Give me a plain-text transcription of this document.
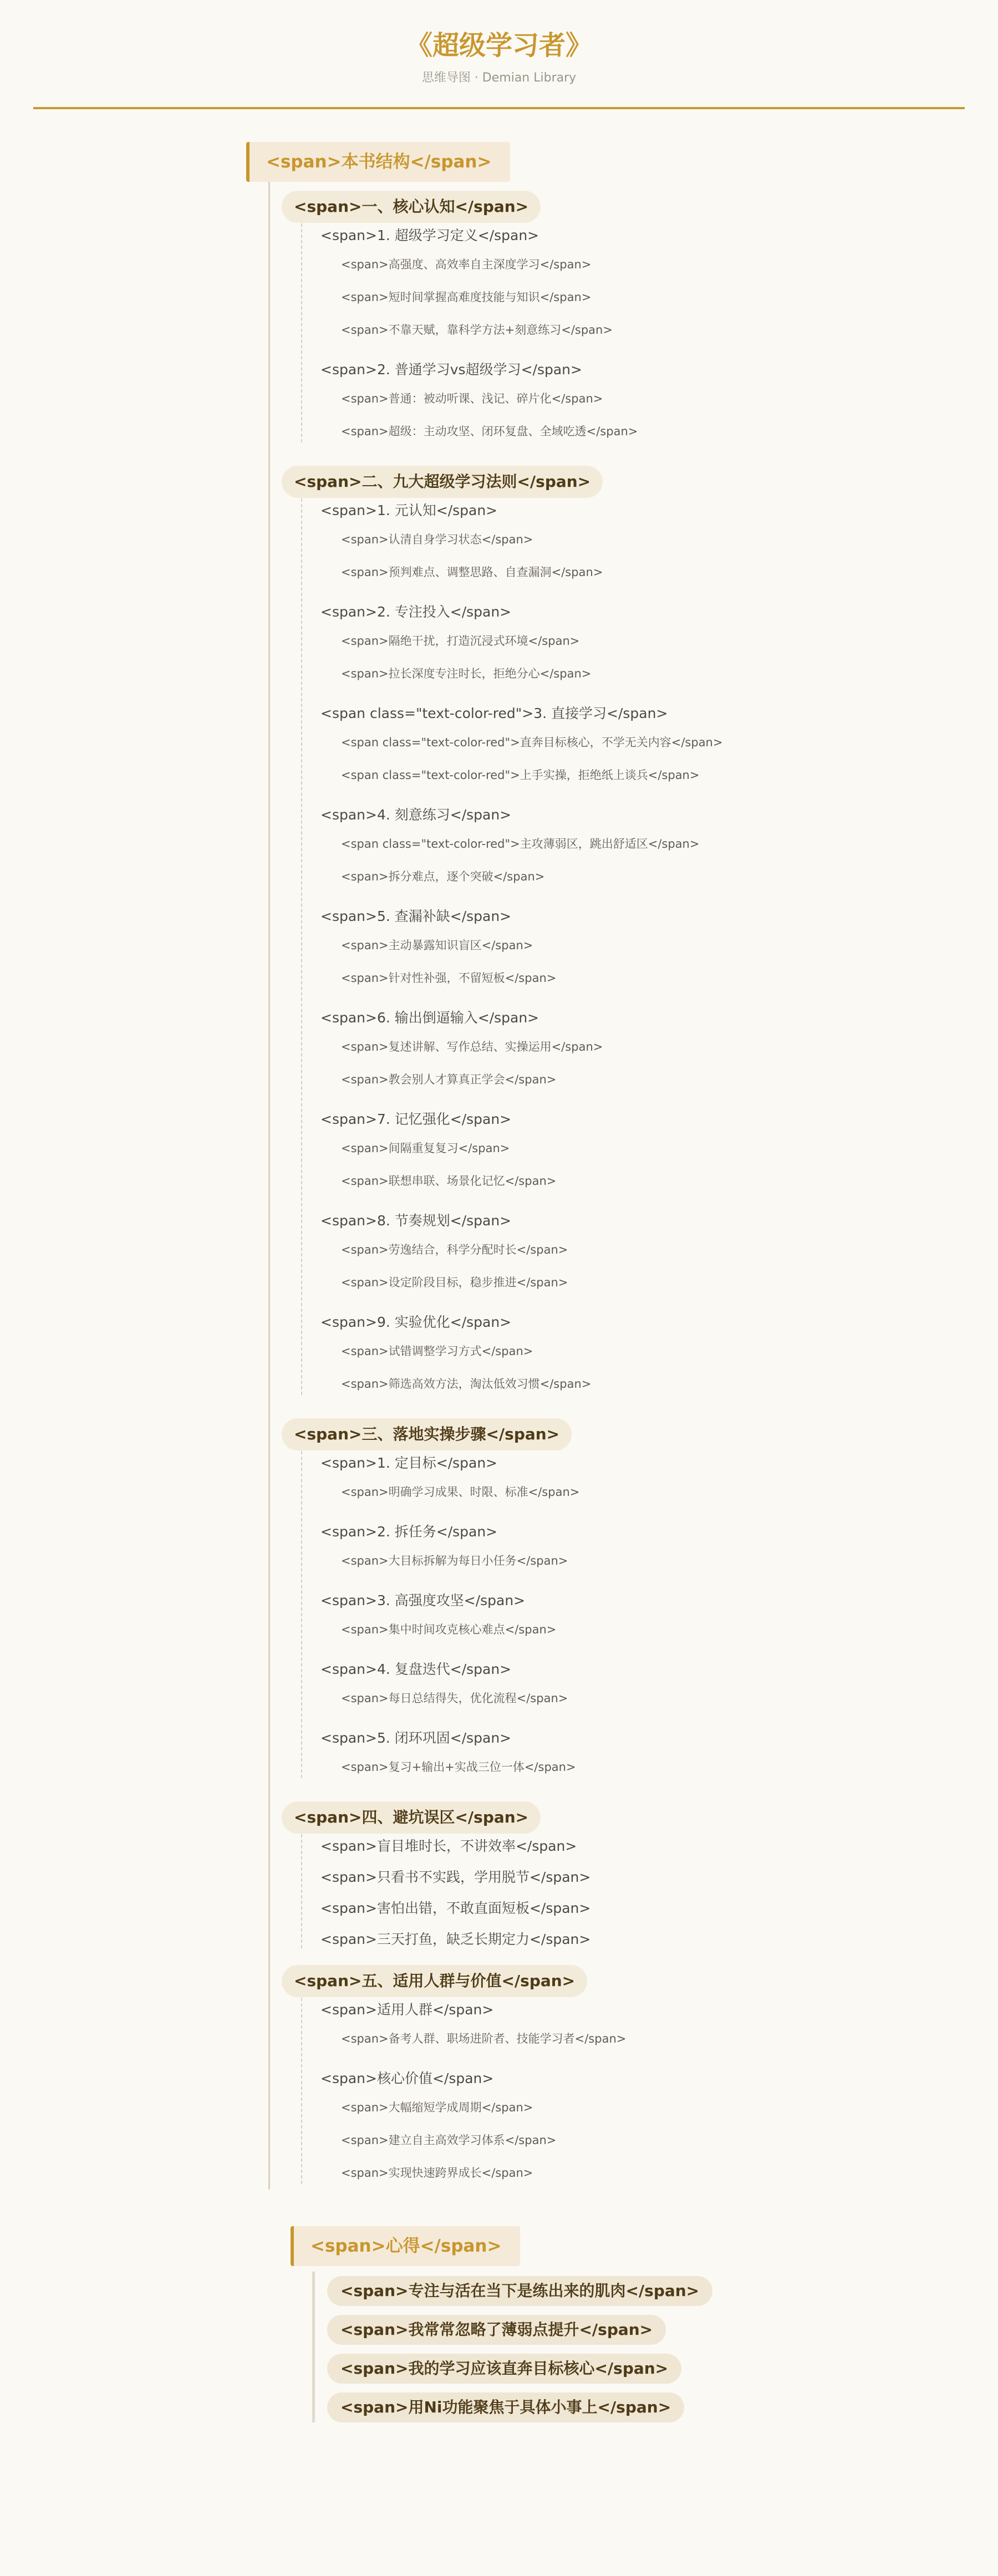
《超级学习者》
思维导图 · Demian Library
<span>本书结构</span>
<span>一、核心认知</span>
<span>1. 超级学习定义</span>
<span>高强度、高效率自主深度学习</span>
<span>短时间掌握高难度技能与知识</span>
<span>不靠天赋，靠科学方法+刻意练习</span>
<span>2. 普通学习vs超级学习</span>
<span>普通：被动听课、浅记、碎片化</span>
<span>超级：主动攻坚、闭环复盘、全域吃透</span>
<span>二、九大超级学习法则</span>
<span>1. 元认知</span>
<span>认清自身学习状态</span>
<span>预判难点、调整思路、自查漏洞</span>
<span>2. 专注投入</span>
<span>隔绝干扰，打造沉浸式环境</span>
<span>拉长深度专注时长，拒绝分心</span>
<span class="text-color-red">3. 直接学习</span>
<span class="text-color-red">直奔目标核心，不学无关内容</span>
<span class="text-color-red">上手实操，拒绝纸上谈兵</span>
<span>4. 刻意练习</span>
<span class="text-color-red">主攻薄弱区，跳出舒适区</span>
<span>拆分难点，逐个突破</span>
<span>5. 查漏补缺</span>
<span>主动暴露知识盲区</span>
<span>针对性补强，不留短板</span>
<span>6. 输出倒逼输入</span>
<span>复述讲解、写作总结、实操运用</span>
<span>教会别人才算真正学会</span>
<span>7. 记忆强化</span>
<span>间隔重复复习</span>
<span>联想串联、场景化记忆</span>
<span>8. 节奏规划</span>
<span>劳逸结合，科学分配时长</span>
<span>设定阶段目标，稳步推进</span>
<span>9. 实验优化</span>
<span>试错调整学习方式</span>
<span>筛选高效方法，淘汰低效习惯</span>
<span>三、落地实操步骤</span>
<span>1. 定目标</span>
<span>明确学习成果、时限、标准</span>
<span>2. 拆任务</span>
<span>大目标拆解为每日小任务</span>
<span>3. 高强度攻坚</span>
<span>集中时间攻克核心难点</span>
<span>4. 复盘迭代</span>
<span>每日总结得失，优化流程</span>
<span>5. 闭环巩固</span>
<span>复习+输出+实战三位一体</span>
<span>四、避坑误区</span>
<span>盲目堆时长，不讲效率</span>
<span>只看书不实践，学用脱节</span>
<span>害怕出错，不敢直面短板</span>
<span>三天打鱼，缺乏长期定力</span>
<span>五、适用人群与价值</span>
<span>适用人群</span>
<span>备考人群、职场进阶者、技能学习者</span>
<span>核心价值</span>
<span>大幅缩短学成周期</span>
<span>建立自主高效学习体系</span>
<span>实现快速跨界成长</span>
<span>心得</span>
<span>专注与活在当下是练出来的肌肉</span>
<span>我常常忽略了薄弱点提升</span>
<span>我的学习应该直奔目标核心</span>
<span>用Ni功能聚焦于具体小事上</span>
